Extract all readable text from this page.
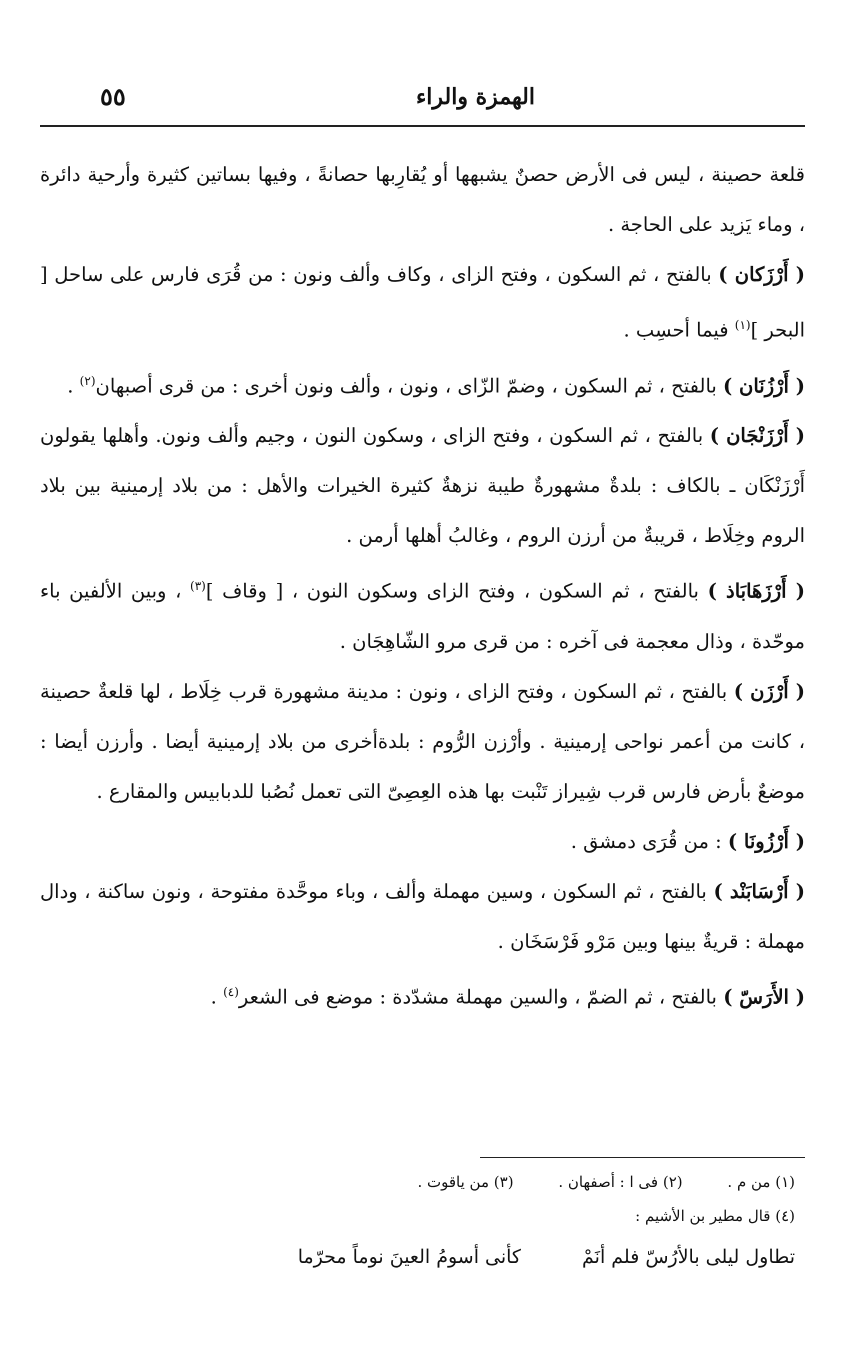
الهمزة والراء
٥٥

قلعة حصينة ، ليس فى الأرض حصنٌ يشبهها أو يُقارِبها حصانةً ، وفيها بساتين كثيرة وأرحية دائرة ، وماء يَزيد على الحاجة .

( أَرْزَكان ) بالفتح ، ثم السكون ، وفتح الزاى ، وكاف وألف ونون : من قُرَى فارس على ساحل [ البحر ]$^{(١)}$ فيما أحسِب .

( أَرْزُنَان ) بالفتح ، ثم السكون ، وضمّ الزّاى ، ونون ، وألف ونون أخرى : من قرى أصبهان$^{(٢)}$ .

( أَرْزَنْجَان ) بالفتح ، ثم السكون ، وفتح الزاى ، وسكون النون ، وجيم وألف ونون. وأهلها يقولون أَرْزَنْكَان ـ بالكاف : بلدةٌ مشهورةٌ طيبة نزهةٌ كثيرة الخيرات والأهل : من بلاد إرمينية بين بلاد الروم وخِلَاط ، قريبةٌ من أرزن الروم ، وغالبُ أهلها أرمن .

( أَرْزَهَابَاذ ) بالفتح ، ثم السكون ، وفتح الزاى وسكون النون ، [ وقاف ]$^{(٣)}$ ، وبين الألفين باء موحّدة ، وذال معجمة فى آخره : من قرى مرو الشّاهِجَان .

( أَرْزَن ) بالفتح ، ثم السكون ، وفتح الزاى ، ونون : مدينة مشهورة قرب خِلَاط ، لها قلعةٌ حصينة ، كانت من أعمر نواحى إرمينية . وأرْزن الرُّوم : بلدةأخرى من بلاد إرمينية أيضا . وأرزن أيضا : موضعٌ بأرض فارس قرب شِيراز تَنْبت بها هذه العِصِىّ التى تعمل نُصُبا للدبابيس والمقارع .

( أَرْزُونَا ) : من قُرَى دمشق .

( أَرْسَابَنْد ) بالفتح ، ثم السكون ، وسين مهملة وألف ، وباء موحَّدة مفتوحة ، ونون ساكنة ، ودال مهملة : قريةٌ بينها وبين مَرْو فَرْسَخَان .

( الأَرَسّ ) بالفتح ، ثم الضمّ ، والسين مهملة مشدّدة : موضع فى الشعر$^{(٤)}$ .

(١) من م . (٢) فى ا : أصفهان . (٣) من ياقوت .
(٤) قال مطير بن الأشيم :
تطاول ليلى بالأرُسّ فلم أنَمْ كأنى أسومُ العينَ نوماً محرّما
